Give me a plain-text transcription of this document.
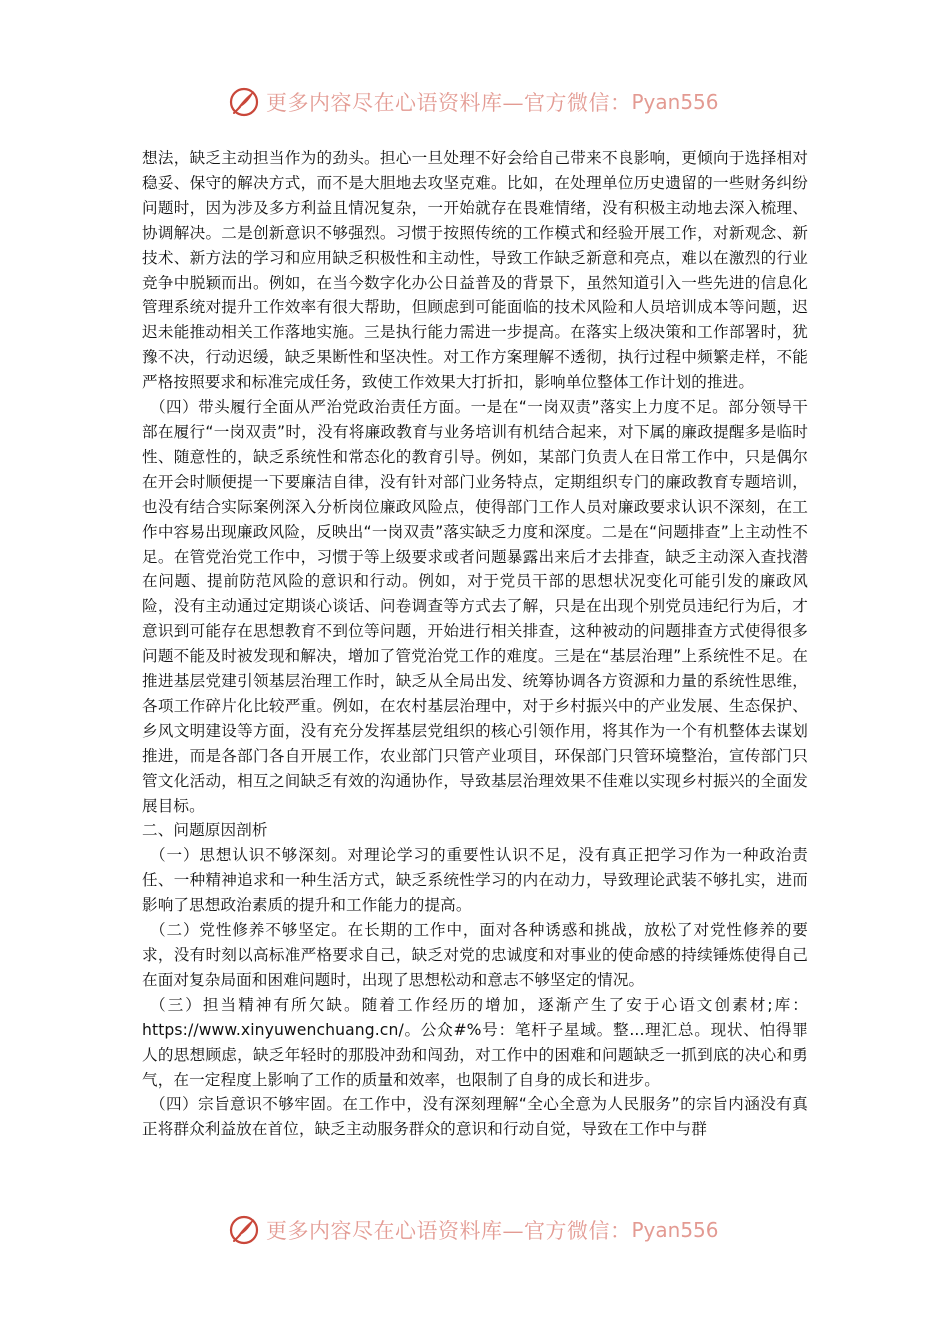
更多内容尽在心语资料库—官方微信： Pyan556

想法，缺乏主动担当作为的劲头。担心一旦处理不好会给自己带来不良影响，更倾向于选择相对稳妥、保守的解决方式，而不是大胆地去攻坚克难。比如，在处理单位历史遗留的一些财务纠纷问题时，因为涉及多方利益且情况复杂，一开始就存在畏难情绪，没有积极主动地去深入梳理、协调解决。二是创新意识不够强烈。习惯于按照传统的工作模式和经验开展工作，对新观念、新技术、新方法的学习和应用缺乏积极性和主动性，导致工作缺乏新意和亮点，难以在激烈的行业竞争中脱颖而出。例如，在当今数字化办公日益普及的背景下，虽然知道引入一些先进的信息化管理系统对提升工作效率有很大帮助，但顾虑到可能面临的技术风险和人员培训成本等问题，迟迟未能推动相关工作落地实施。三是执行能力需进一步提高。在落实上级决策和工作部署时，犹豫不决，行动迟缓，缺乏果断性和坚决性。对工作方案理解不透彻，执行过程中频繁走样，不能严格按照要求和标准完成任务，致使工作效果大打折扣，影响单位整体工作计划的推进。

（四）带头履行全面从严治党政治责任方面。一是在“一岗双责”落实上力度不足。部分领导干部在履行“一岗双责”时，没有将廉政教育与业务培训有机结合起来，对下属的廉政提醒多是临时性、随意性的，缺乏系统性和常态化的教育引导。例如，某部门负责人在日常工作中，只是偶尔在开会时顺便提一下要廉洁自律，没有针对部门业务特点，定期组织专门的廉政教育专题培训，也没有结合实际案例深入分析岗位廉政风险点，使得部门工作人员对廉政要求认识不深刻，在工作中容易出现廉政风险，反映出“一岗双责”落实缺乏力度和深度。二是在“问题排查”上主动性不足。在管党治党工作中，习惯于等上级要求或者问题暴露出来后才去排查，缺乏主动深入查找潜在问题、提前防范风险的意识和行动。例如，对于党员干部的思想状况变化可能引发的廉政风险，没有主动通过定期谈心谈话、问卷调查等方式去了解，只是在出现个别党员违纪行为后，才意识到可能存在思想教育不到位等问题，开始进行相关排查，这种被动的问题排查方式使得很多问题不能及时被发现和解决，增加了管党治党工作的难度。三是在“基层治理”上系统性不足。在推进基层党建引领基层治理工作时，缺乏从全局出发、统筹协调各方资源和力量的系统性思维，各项工作碎片化比较严重。例如，在农村基层治理中，对于乡村振兴中的产业发展、生态保护、乡风文明建设等方面，没有充分发挥基层党组织的核心引领作用，将其作为一个有机整体去谋划推进，而是各部门各自开展工作，农业部门只管产业项目，环保部门只管环境整治，宣传部门只管文化活动，相互之间缺乏有效的沟通协作，导致基层治理效果不佳难以实现乡村振兴的全面发展目标。

二、问题原因剖析

（一）思想认识不够深刻。对理论学习的重要性认识不足，没有真正把学习作为一种政治责任、一种精神追求和一种生活方式，缺乏系统性学习的内在动力，导致理论武装不够扎实，进而影响了思想政治素质的提升和工作能力的提高。

（二）党性修养不够坚定。在长期的工作中，面对各种诱惑和挑战，放松了对党性修养的要求，没有时刻以高标准严格要求自己，缺乏对党的忠诚度和对事业的使命感的持续锤炼使得自己在面对复杂局面和困难问题时，出现了思想松动和意志不够坚定的情况。

（三）担当精神有所欠缺。随着工作经历的增加，逐渐产生了安于心语文创素材;库：https://www.xinyuwenchuang.cn/。公众#%号：笔杆子星域。整...理汇总。现状、怕得罪人的思想顾虑，缺乏年轻时的那股冲劲和闯劲，对工作中的困难和问题缺乏一抓到底的决心和勇气，在一定程度上影响了工作的质量和效率，也限制了自身的成长和进步。

（四）宗旨意识不够牢固。在工作中，没有深刻理解“全心全意为人民服务”的宗旨内涵没有真正将群众利益放在首位，缺乏主动服务群众的意识和行动自觉，导致在工作中与群

更多内容尽在心语资料库—官方微信： Pyan556
